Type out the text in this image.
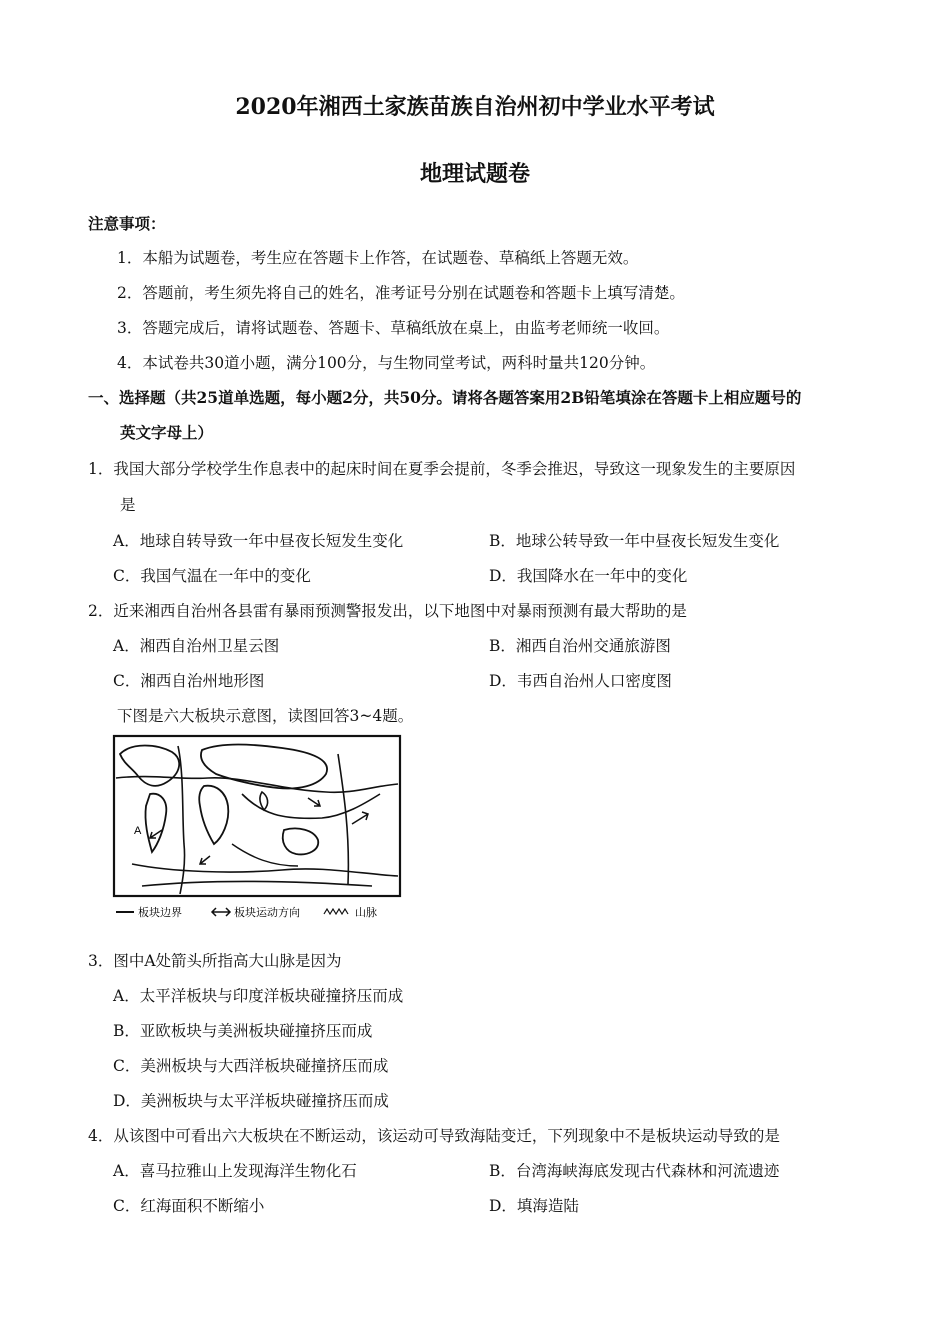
2020年湘西土家族苗族自治州初中学业水平考试
地理试题卷
注意事项：
1．本船为试题卷，考生应在答题卡上作答，在试题卷、草稿纸上答题无效。
2．答题前，考生须先将自己的姓名，准考证号分别在试题卷和答题卡上填写清楚。
3．答题完成后，请将试题卷、答题卡、草稿纸放在桌上，由监考老师统一收回。
4．本试卷共30道小题，满分100分，与生物同堂考试，两科时量共120分钟。
一、选择题（共25道单选题，每小题2分，共50分。请将各题答案用2B铅笔填涂在答题卡上相应题号的
英文字母上）
1．我国大部分学校学生作息表中的起床时间在夏季会提前，冬季会推迟，导致这一现象发生的主要原因
是
A．地球自转导致一年中昼夜长短发生变化	B．地球公转导致一年中昼夜长短发生变化
C．我国气温在一年中的变化	D．我国降水在一年中的变化
2．近来湘西自治州各县雷有暴雨预测警报发出，以下地图中对暴雨预测有最大帮助的是
A．湘西自治州卫星云图	B．湘西自治州交通旅游图
C．湘西自治州地形图	D．韦西自治州人口密度图
下图是六大板块示意图，读图回答3~4题。
A
板块边界	板块运动方向	山脉
3．图中A处箭头所指高大山脉是因为
A．太平洋板块与印度洋板块碰撞挤压而成
B．亚欧板块与美洲板块碰撞挤压而成
C．美洲板块与大西洋板块碰撞挤压而成
D．美洲板块与太平洋板块碰撞挤压而成
4．从该图中可看出六大板块在不断运动，该运动可导致海陆变迁，下列现象中不是板块运动导致的是
A．喜马拉雅山上发现海洋生物化石	B．台湾海峡海底发现古代森林和河流遗迹
C．红海面积不断缩小	D．填海造陆
